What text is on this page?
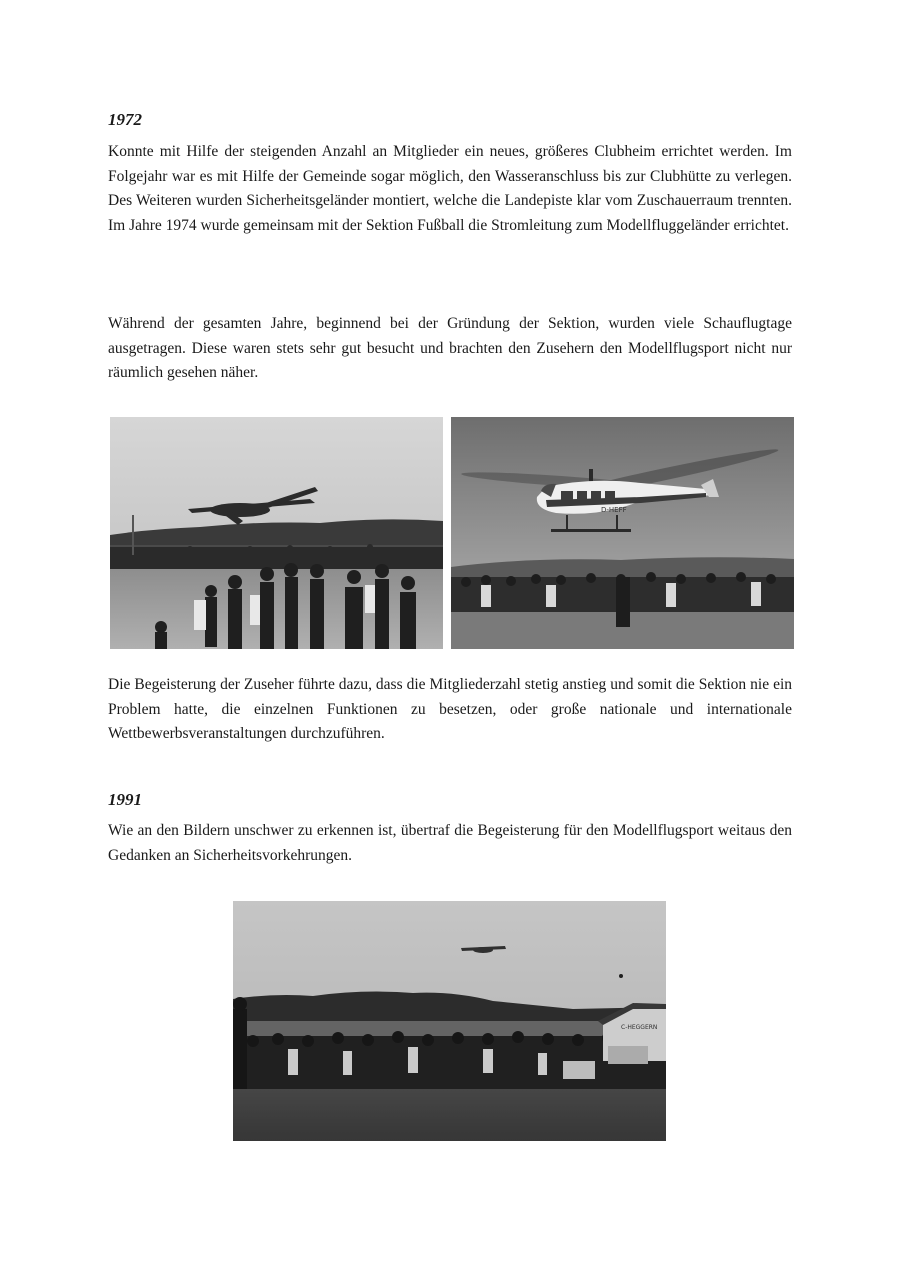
1972

Konnte mit Hilfe der steigenden Anzahl an Mitglieder ein neues, größeres Clubheim errichtet werden. Im Folgejahr war es mit Hilfe der Gemeinde sogar möglich, den Wasseranschluss bis zur Clubhütte zu verlegen. Des Weiteren wurden Sicherheitsgeländer montiert, welche die Landepiste klar vom Zuschauerraum trennten. Im Jahre 1974 wurde gemeinsam mit der Sektion Fußball die Stromleitung zum Modellfluggeländer errichtet.

Während der gesamten Jahre, beginnend bei der Gründung der Sektion, wurden viele Schauflugtage ausgetragen. Diese waren stets sehr gut besucht und brachten den Zusehern den Modellflugsport nicht nur räumlich gesehen näher.

D-HEFF

Die Begeisterung der Zuseher führte dazu, dass die Mitgliederzahl stetig anstieg und somit die Sektion nie ein Problem hatte, die einzelnen Funktionen zu besetzen, oder große nationale und internationale Wettbewerbsveranstaltungen durchzuführen.

1991

Wie an den Bildern unschwer zu erkennen ist, übertraf die Begeisterung für den Modellflugsport weitaus den Gedanken an Sicherheitsvorkehrungen.

C-HEGGERN
